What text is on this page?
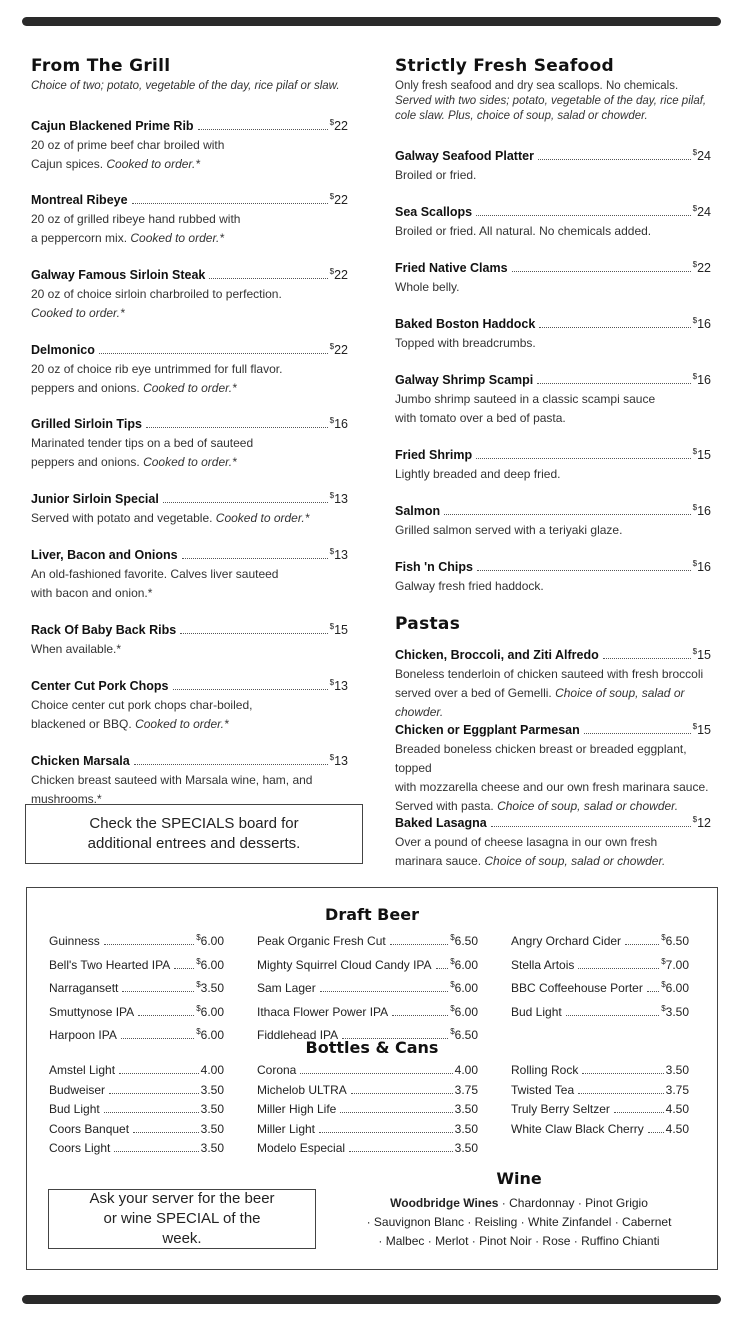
From The Grill
Choice of two; potato, vegetable of the day, rice pilaf or slaw.
Cajun Blackened Prime Rib	$22
20 oz of prime beef char broiled with
Cajun spices. Cooked to order.*
Montreal Ribeye	$22
20 oz of grilled ribeye hand rubbed with
a peppercorn mix. Cooked to order.*
Galway Famous Sirloin Steak	$22
20 oz of choice sirloin charbroiled to perfection.
Cooked to order.*
Delmonico	$22
20 oz of choice rib eye untrimmed for full flavor.
peppers and onions. Cooked to order.*
Grilled Sirloin Tips	$16
Marinated tender tips on a bed of sauteed
peppers and onions. Cooked to order.*
Junior Sirloin Special	$13
Served with potato and vegetable. Cooked to order.*
Liver, Bacon and Onions	$13
An old-fashioned favorite. Calves liver sauteed
with bacon and onion.*
Rack Of Baby Back Ribs	$15
When available.*
Center Cut Pork Chops	$13
Choice center cut pork chops char-boiled,
blackened or BBQ. Cooked to order.*
Chicken Marsala	$13
Chicken breast sauteed with Marsala wine, ham, and mushrooms.*
Check the SPECIALS board for additional entrees and desserts.
Strictly Fresh Seafood
Only fresh seafood and dry sea scallops. No chemicals.
Served with two sides; potato, vegetable of the day, rice pilaf, cole slaw. Plus, choice of soup, salad or chowder.
Galway Seafood Platter	$24
Broiled or fried.
Sea Scallops	$24
Broiled or fried. All natural. No chemicals added.
Fried Native Clams	$22
Whole belly.
Baked Boston Haddock	$16
Topped with breadcrumbs.
Galway Shrimp Scampi	$16
Jumbo shrimp sauteed in a classic scampi sauce
with tomato over a bed of pasta.
Fried Shrimp	$15
Lightly breaded and deep fried.
Salmon	$16
Grilled salmon served with a teriyaki glaze.
Fish 'n Chips	$16
Galway fresh fried haddock.
Pastas
Chicken, Broccoli, and Ziti Alfredo	$15
Boneless tenderloin of chicken sauteed with fresh broccoli
served over a bed of Gemelli. Choice of soup, salad or chowder.
Chicken or Eggplant Parmesan	$15
Breaded boneless chicken breast or breaded eggplant, topped
with mozzarella cheese and our own fresh marinara sauce.
Served with pasta. Choice of soup, salad or chowder.
Baked Lasagna	$12
Over a pound of cheese lasagna in our own fresh
marinara sauce. Choice of soup, salad or chowder.
Draft Beer
Guinness	$6.00
Bell's Two Hearted IPA	$6.00
Narragansett	$3.50
Smuttynose IPA	$6.00
Harpoon IPA	$6.00
Peak Organic Fresh Cut	$6.50
Mighty Squirrel Cloud Candy IPA $6.00
Sam Lager	$6.00
Ithaca Flower Power IPA	$6.00
Fiddlehead IPA	$6.50
Angry Orchard Cider	$6.50
Stella Artois	$7.00
BBC Coffeehouse Porter $6.00
Bud Light	$3.50
Bottles & Cans
Amstel Light	4.00
Budweiser	3.50
Bud Light	3.50
Coors Banquet	3.50
Coors Light	3.50
Corona	4.00
Michelob ULTRA	3.75
Miller High Life	3.50
Miller Light	3.50
Modelo Especial	3.50
Rolling Rock	3.50
Twisted Tea	3.75
Truly Berry Seltzer	4.50
White Claw Black Cherry 4.50
Ask your server for the beer or wine SPECIAL of the week.
Wine
Woodbridge Wines · Chardonnay · Pinot Grigio
· Sauvignon Blanc · Reisling · White Zinfandel · Cabernet
· Malbec · Merlot · Pinot Noir · Rose · Ruffino Chianti
